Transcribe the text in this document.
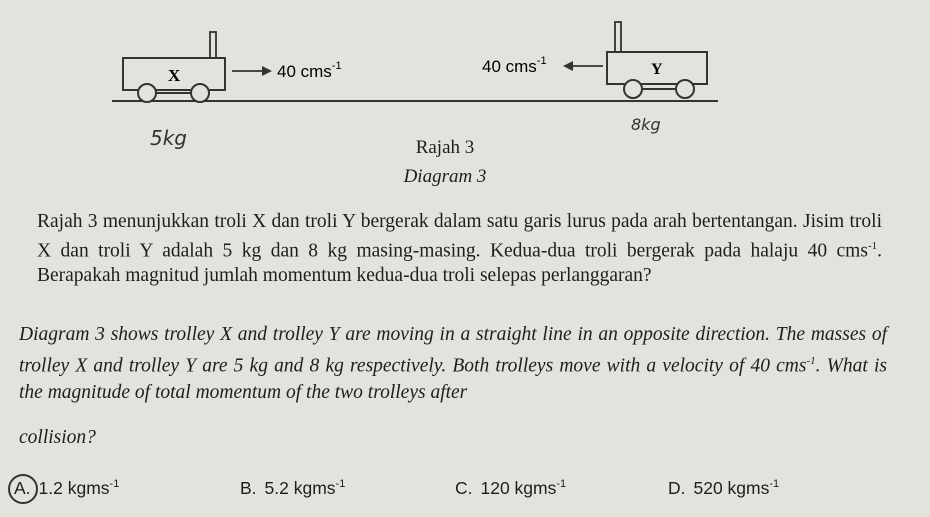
X	40 cms$^{-1}$	40 cms$^{-1}$	Y
5kg
8kg
Rajah 3
Diagram 3
Rajah 3 menunjukkan troli X dan troli Y bergerak dalam satu garis lurus pada arah bertentangan. Jisim troli X dan troli Y adalah 5 kg dan 8 kg masing-masing. Kedua-dua troli bergerak pada halaju 40 cms$^{-1}$. Berapakah magnitud jumlah momentum kedua-dua troli selepas perlanggaran?
Diagram 3 shows trolley X and trolley Y are moving in a straight line in an opposite direction. The masses of trolley X and trolley Y are 5 kg and 8 kg respectively. Both trolleys move with a velocity of 40 cms$^{-1}$. What is the magnitude of total momentum of the two trolleys after
collision?
A. 1.2 kgms$^{-1}$	B. 5.2 kgms$^{-1}$	C. 120 kgms$^{-1}$	D. 520 kgms$^{-1}$
